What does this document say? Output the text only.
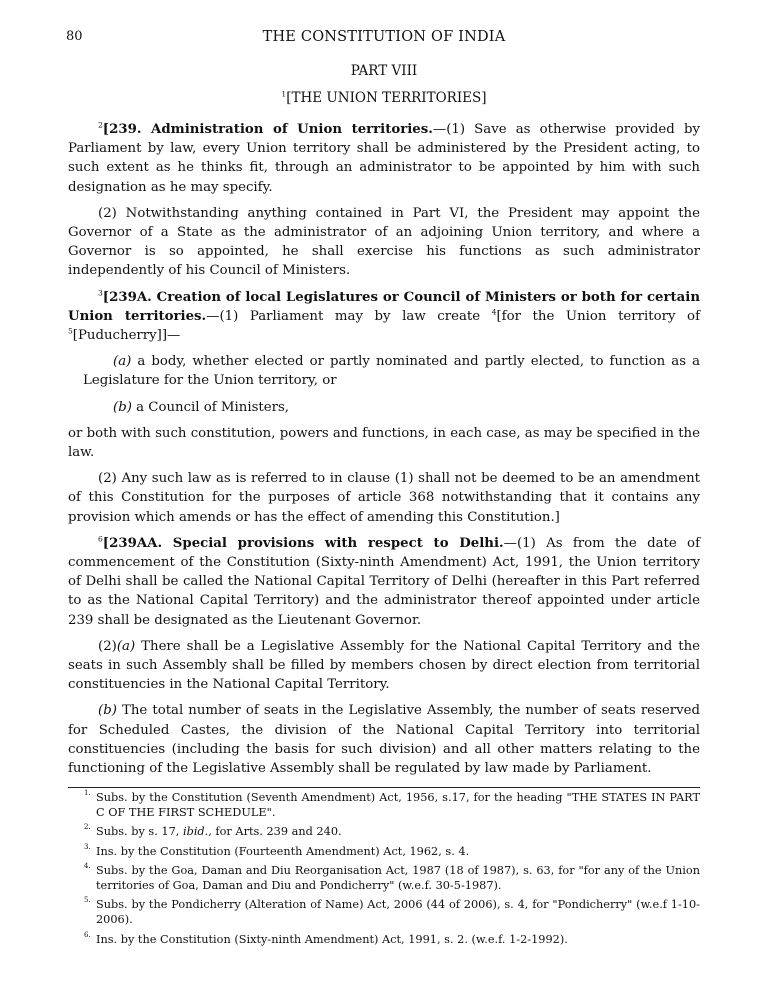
80	THE CONSTITUTION OF INDIA
PART VIII
$^1$[THE UNION TERRITORIES]

$^2$[239. Administration of Union territories.—(1) Save as otherwise provided by Parliament by law, every Union territory shall be administered by the President acting, to such extent as he thinks fit, through an administrator to be appointed by him with such designation as he may specify.

(2) Notwithstanding anything contained in Part VI, the President may appoint the Governor of a State as the administrator of an adjoining Union territory, and where a Governor is so appointed, he shall exercise his functions as such administrator independently of his Council of Ministers.

$^3$[239A. Creation of local Legislatures or Council of Ministers or both for certain Union territories.—(1) Parliament may by law create $^4$[for the Union territory of $^5$[Puducherry]]—

(a) a body, whether elected or partly nominated and partly elected, to function as a Legislature for the Union territory, or

(b) a Council of Ministers,

or both with such constitution, powers and functions, in each case, as may be specified in the law.

(2) Any such law as is referred to in clause (1) shall not be deemed to be an amendment of this Constitution for the purposes of article 368 notwithstanding that it contains any provision which amends or has the effect of amending this Constitution.]

$^6$[239AA. Special provisions with respect to Delhi.—(1) As from the date of commencement of the Constitution (Sixty-ninth Amendment) Act, 1991, the Union territory of Delhi shall be called the National Capital Territory of Delhi (hereafter in this Part referred to as the National Capital Territory) and the administrator thereof appointed under article 239 shall be designated as the Lieutenant Governor.

(2)(a) There shall be a Legislative Assembly for the National Capital Territory and the seats in such Assembly shall be filled by members chosen by direct election from territorial constituencies in the National Capital Territory.

(b) The total number of seats in the Legislative Assembly, the number of seats reserved for Scheduled Castes, the division of the National Capital Territory into territorial constituencies (including the basis for such division) and all other matters relating to the functioning of the Legislative Assembly shall be regulated by law made by Parliament.

1. Subs. by the Constitution (Seventh Amendment) Act, 1956, s.17, for the heading "THE STATES IN PART C OF THE FIRST SCHEDULE".
2. Subs. by s. 17, ibid., for Arts. 239 and 240.
3. Ins. by the Constitution (Fourteenth Amendment) Act, 1962, s. 4.
4. Subs. by the Goa, Daman and Diu Reorganisation Act, 1987 (18 of 1987), s. 63, for "for any of the Union territories of Goa, Daman and Diu and Pondicherry" (w.e.f. 30-5-1987).
5. Subs. by the Pondicherry (Alteration of Name) Act, 2006 (44 of 2006), s. 4, for "Pondicherry" (w.e.f 1-10-2006).
6. Ins. by the Constitution (Sixty-ninth Amendment) Act, 1991, s. 2. (w.e.f. 1-2-1992).
